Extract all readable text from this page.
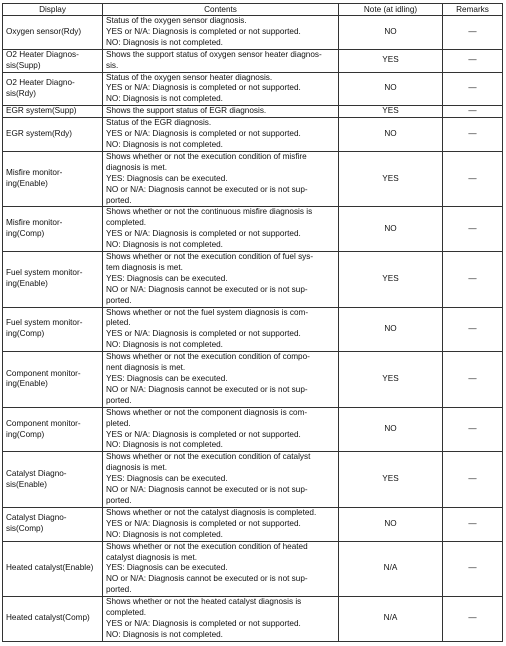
Display	Contents	Note (at idling)	Remarks

Oxygen sensor(Rdy)	Status of the oxygen sensor diagnosis.
YES or N/A: Diagnosis is completed or not supported.
NO: Diagnosis is not completed.	NO	—

O2 Heater Diagnos-
sis(Supp)	Shows the support status of oxygen sensor heater diagnos-
sis.	YES	—

O2 Heater Diagno-
sis(Rdy)	Status of the oxygen sensor heater diagnosis.
YES or N/A: Diagnosis is completed or not supported.
NO: Diagnosis is not completed.	NO	—

EGR system(Supp)	Shows the support status of EGR diagnosis.	YES	—

EGR system(Rdy)	Status of the EGR diagnosis.
YES or N/A: Diagnosis is completed or not supported.
NO: Diagnosis is not completed.	NO	—

Misfire monitor-
ing(Enable)	Shows whether or not the execution condition of misfire
diagnosis is met.
YES: Diagnosis can be executed.
NO or N/A: Diagnosis cannot be executed or is not sup-
ported.	YES	—

Misfire monitor-
ing(Comp)	Shows whether or not the continuous misfire diagnosis is
completed.
YES or N/A: Diagnosis is completed or not supported.
NO: Diagnosis is not completed.	NO	—

Fuel system monitor-
ing(Enable)	Shows whether or not the execution condition of fuel sys-
tem diagnosis is met.
YES: Diagnosis can be executed.
NO or N/A: Diagnosis cannot be executed or is not sup-
ported.	YES	—

Fuel system monitor-
ing(Comp)	Shows whether or not the fuel system diagnosis is com-
pleted.
YES or N/A: Diagnosis is completed or not supported.
NO: Diagnosis is not completed.	NO	—

Component monitor-
ing(Enable)	Shows whether or not the execution condition of compo-
nent diagnosis is met.
YES: Diagnosis can be executed.
NO or N/A: Diagnosis cannot be executed or is not sup-
ported.	YES	—

Component monitor-
ing(Comp)	Shows whether or not the component diagnosis is com-
pleted.
YES or N/A: Diagnosis is completed or not supported.
NO: Diagnosis is not completed.	NO	—

Catalyst Diagno-
sis(Enable)	Shows whether or not the execution condition of catalyst
diagnosis is met.
YES: Diagnosis can be executed.
NO or N/A: Diagnosis cannot be executed or is not sup-
ported.	YES	—

Catalyst Diagno-
sis(Comp)	Shows whether or not the catalyst diagnosis is completed.
YES or N/A: Diagnosis is completed or not supported.
NO: Diagnosis is not completed.	NO	—

Heated catalyst(Enable)	Shows whether or not the execution condition of heated
catalyst diagnosis is met.
YES: Diagnosis can be executed.
NO or N/A: Diagnosis cannot be executed or is not sup-
ported.	N/A	—

Heated catalyst(Comp)	Shows whether or not the heated catalyst diagnosis is
completed.
YES or N/A: Diagnosis is completed or not supported.
NO: Diagnosis is not completed.	N/A	—
